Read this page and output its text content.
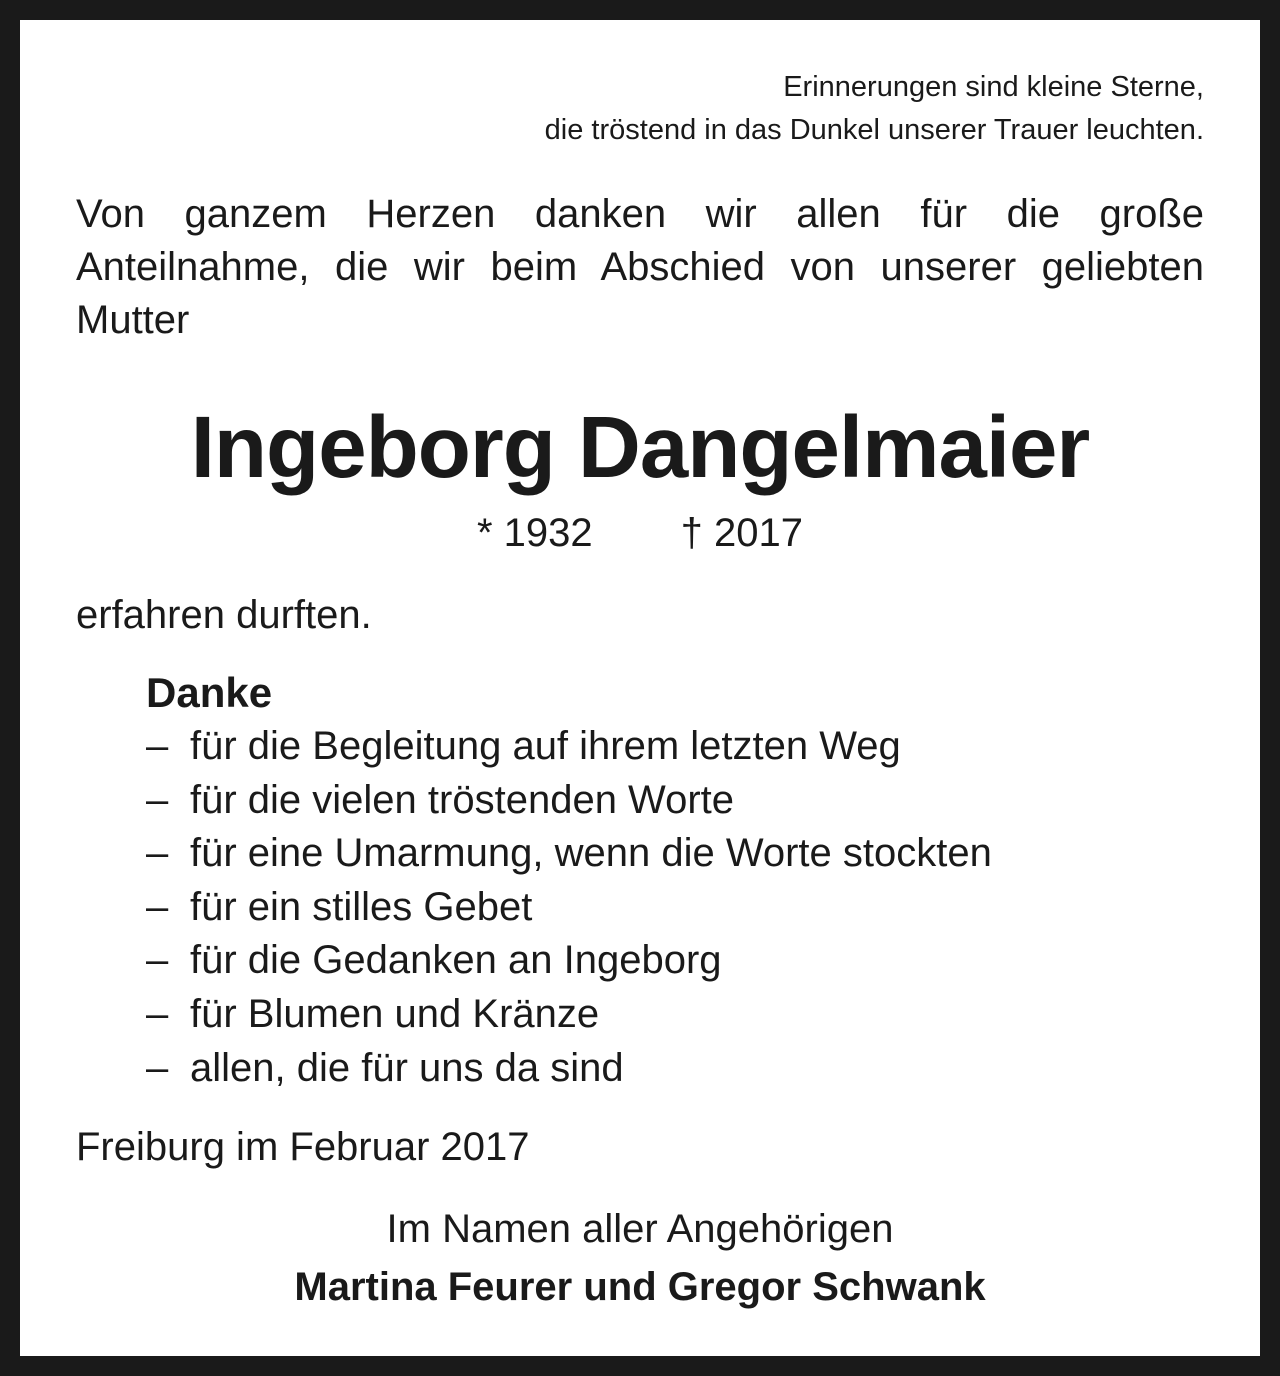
Erinnerungen sind kleine Sterne,
die tröstend in das Dunkel unserer Trauer leuchten.
Von ganzem Herzen danken wir allen für die große
Anteilnahme, die wir beim Abschied von unserer geliebten
Mutter
Ingeborg Dangelmaier
* 1932 † 2017
erfahren durften.
Danke
– für die Begleitung auf ihrem letzten Weg
– für die vielen tröstenden Worte
– für eine Umarmung, wenn die Worte stockten
– für ein stilles Gebet
– für die Gedanken an Ingeborg
– für Blumen und Kränze
– allen, die für uns da sind
Freiburg im Februar 2017
Im Namen aller Angehörigen
Martina Feurer und Gregor Schwank
